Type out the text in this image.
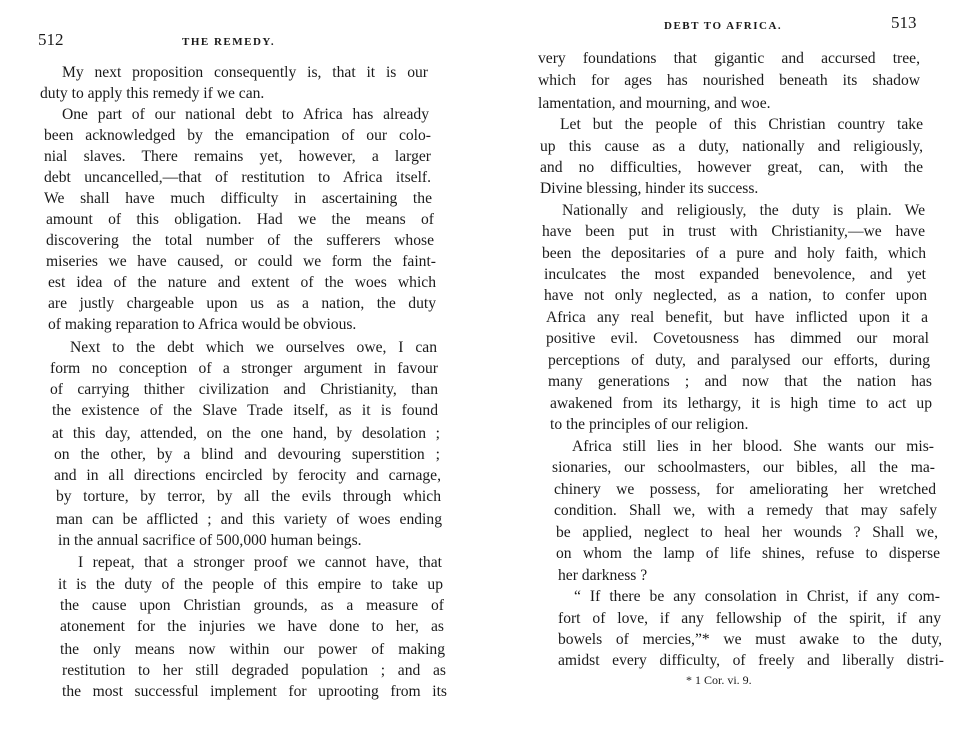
512	THE REMEDY.
My next proposition consequently is, that it is our
duty to apply this remedy if we can.
One part of our national debt to Africa has already
been acknowledged by the emancipation of our colo-
nial slaves. There remains yet, however, a larger
debt uncancelled,—that of restitution to Africa itself.
We shall have much difficulty in ascertaining the
amount of this obligation. Had we the means of
discovering the total number of the sufferers whose
miseries we have caused, or could we form the faint-
est idea of the nature and extent of the woes which
are justly chargeable upon us as a nation, the duty
of making reparation to Africa would be obvious.
Next to the debt which we ourselves owe, I can
form no conception of a stronger argument in favour
of carrying thither civilization and Christianity, than
the existence of the Slave Trade itself, as it is found
at this day, attended, on the one hand, by desolation ;
on the other, by a blind and devouring superstition ;
and in all directions encircled by ferocity and carnage,
by torture, by terror, by all the evils through which
man can be afflicted ; and this variety of woes ending
in the annual sacrifice of 500,000 human beings.
I repeat, that a stronger proof we cannot have, that
it is the duty of the people of this empire to take up
the cause upon Christian grounds, as a measure of
atonement for the injuries we have done to her, as
the only means now within our power of making
restitution to her still degraded population ; and as
the most successful implement for uprooting from its
DEBT TO AFRICA.	513
very foundations that gigantic and accursed tree,
which for ages has nourished beneath its shadow
lamentation, and mourning, and woe.
Let but the people of this Christian country take
up this cause as a duty, nationally and religiously,
and no difficulties, however great, can, with the
Divine blessing, hinder its success.
Nationally and religiously, the duty is plain. We
have been put in trust with Christianity,—we have
been the depositaries of a pure and holy faith, which
inculcates the most expanded benevolence, and yet
have not only neglected, as a nation, to confer upon
Africa any real benefit, but have inflicted upon it a
positive evil. Covetousness has dimmed our moral
perceptions of duty, and paralysed our efforts, during
many generations ; and now that the nation has
awakened from its lethargy, it is high time to act up
to the principles of our religion.
Africa still lies in her blood. She wants our mis-
sionaries, our schoolmasters, our bibles, all the ma-
chinery we possess, for ameliorating her wretched
condition. Shall we, with a remedy that may safely
be applied, neglect to heal her wounds ? Shall we,
on whom the lamp of life shines, refuse to disperse
her darkness ?
“ If there be any consolation in Christ, if any com-
fort of love, if any fellowship of the spirit, if any
bowels of mercies,”* we must awake to the duty,
amidst every difficulty, of freely and liberally distri-
* 1 Cor. vi. 9.
